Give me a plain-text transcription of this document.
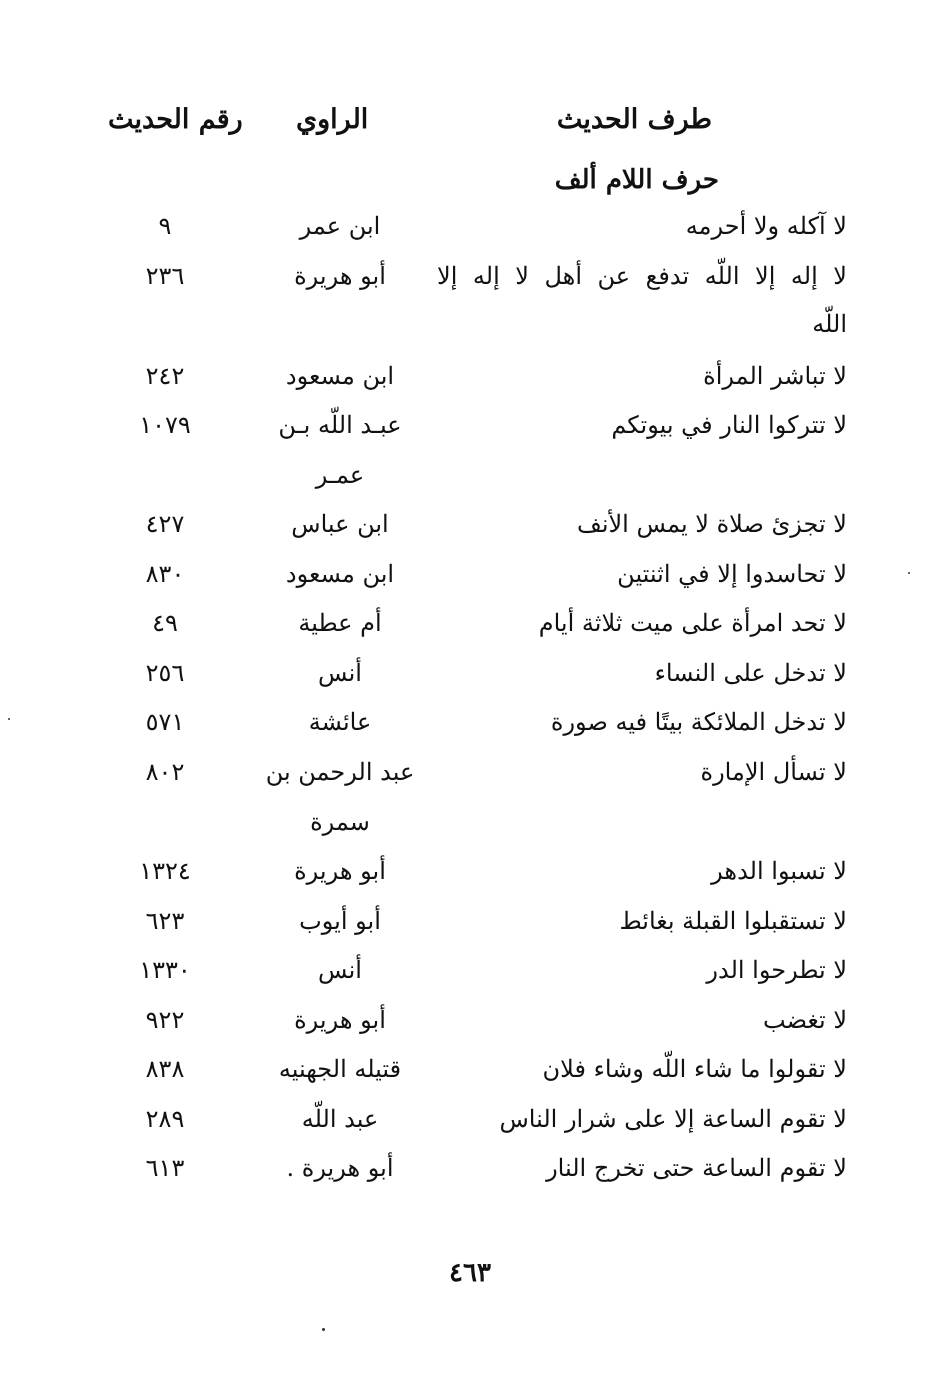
طرف الحديث
الراوي
رقم الحديث
حرف اللام ألف
لا آكله ولا أحرمه
ابن عمر
٩
لا إله إلا اللّه تدفع عن أهل لا إله إلا
أبو هريرة
٢٣٦
اللّه
لا تباشر المرأة
ابن مسعود
٢٤٢
لا تتركوا النار في بيوتكم
عبـد اللّه بـن
١٠٧٩
عمـر
لا تجزئ صلاة لا يمس الأنف
ابن عباس
٤٢٧
لا تحاسدوا إلا في اثنتين
ابن مسعود
٨٣٠
لا تحد امرأة على ميت ثلاثة أيام
أم عطية
٤٩
لا تدخل على النساء
أنس
٢٥٦
لا تدخل الملائكة بيتًا فيه صورة
عائشة
٥٧١
لا تسأل الإمارة
عبد الرحمن بن
٨٠٢
سمرة
لا تسبوا الدهر
أبو هريرة
١٣٢٤
لا تستقبلوا القبلة بغائط
أبو أيوب
٦٢٣
لا تطرحوا الدر
أنس
١٣٣٠
لا تغضب
أبو هريرة
٩٢٢
لا تقولوا ما شاء اللّه وشاء فلان
قتيله الجهنيه
٨٣٨
لا تقوم الساعة إلا على شرار الناس
عبد اللّه
٢٨٩
لا تقوم الساعة حتى تخرج النار
أبو هريرة .
٦١٣
٤٦٣
